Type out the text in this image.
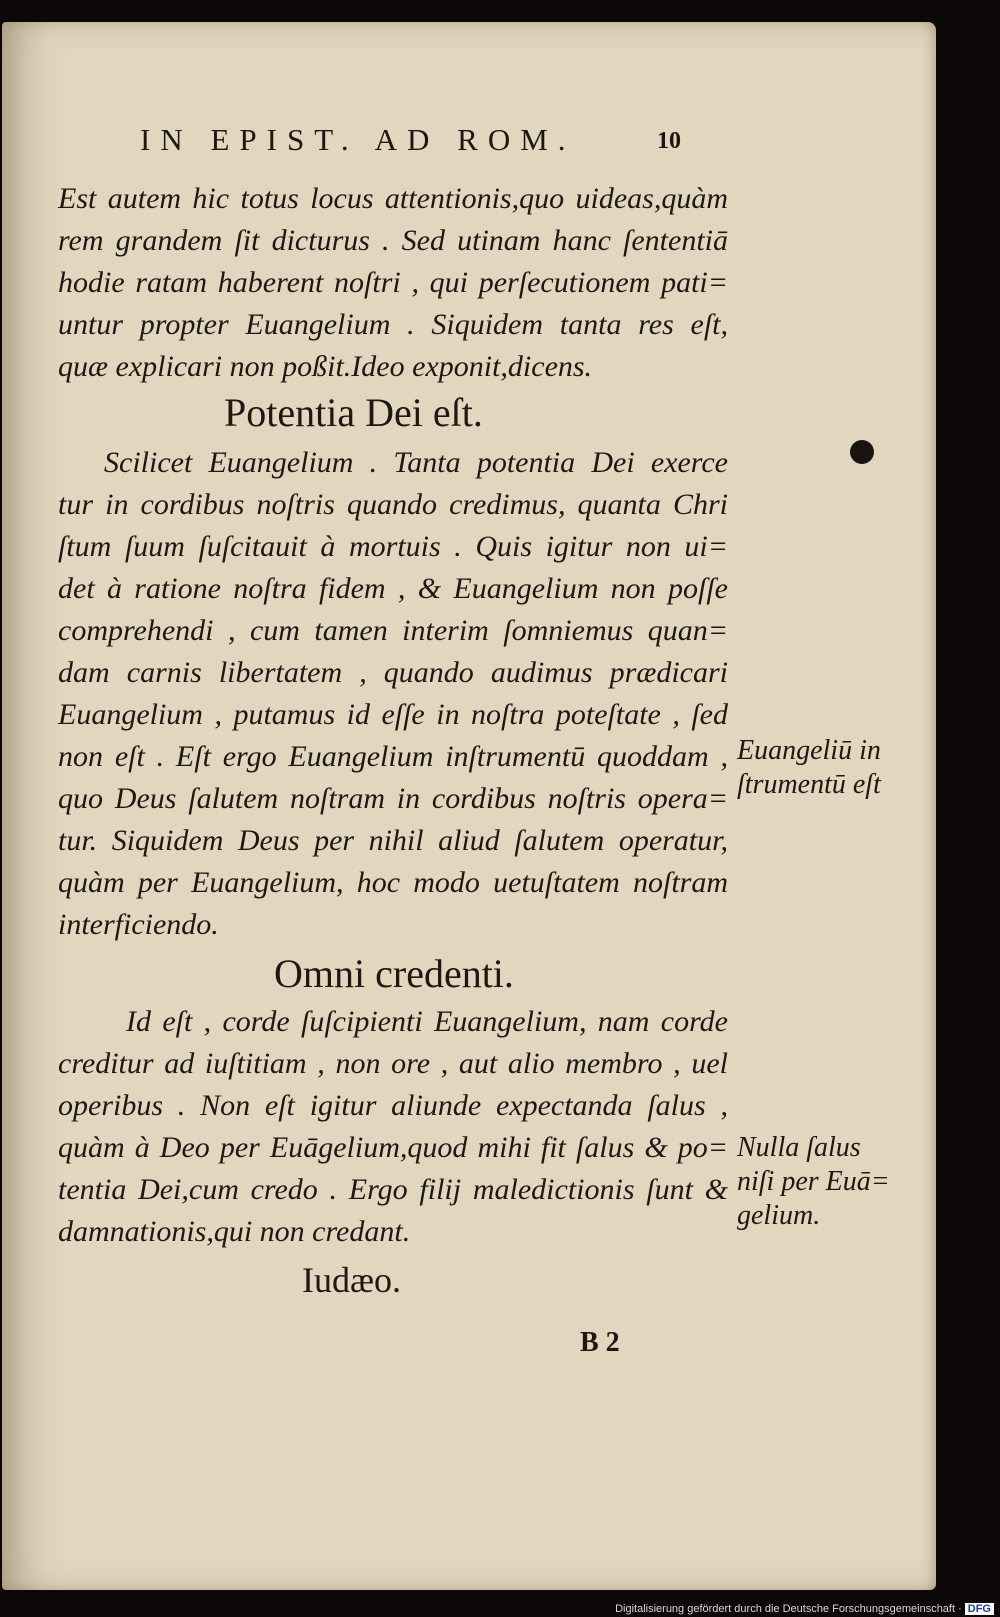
IN EPIST. AD ROM.	10
Est autem hic totus locus attentionis,quo uideas,quàm
rem grandem ſit dicturus . Sed utinam hanc ſententiā
hodie ratam haberent noſtri , qui perſecutionem pati=
untur propter Euangelium . Siquidem tanta res eſt,
quæ explicari non poßit.Ideo exponit,dicens.
Potentia Dei eſt.
Scilicet Euangelium . Tanta potentia Dei exerce
tur in cordibus noſtris quando credimus, quanta Chri
ſtum ſuum ſuſcitauit à mortuis . Quis igitur non ui=
det à ratione noſtra fidem , & Euangelium non poſſe
comprehendi , cum tamen interim ſomniemus quan=
dam carnis libertatem , quando audimus prædicari
Euangelium , putamus id eſſe in noſtra poteſtate , ſed
non eſt . Eſt ergo Euangelium inſtrumentū quoddam ,
quo Deus ſalutem noſtram in cordibus noſtris opera=
tur. Siquidem Deus per nihil aliud ſalutem operatur,
quàm per Euangelium, hoc modo uetuſtatem noſtram
interficiendo.
Omni credenti.
Id eſt , corde ſuſcipienti Euangelium, nam corde
creditur ad iuſtitiam , non ore , aut alio membro , uel
operibus . Non eſt igitur aliunde expectanda ſalus ,
quàm à Deo per Euāgelium,quod mihi fit ſalus & po=
tentia Dei,cum credo . Ergo filij maledictionis ſunt &
damnationis,qui non credant.
Iudæo.
B 2
Euangeliū in
ſtrumentū eſt
Nulla ſalus
niſi per Euā=
gelium.
Digitalisierung gefördert durch die Deutsche Forschungsgemeinschaft · DFG
